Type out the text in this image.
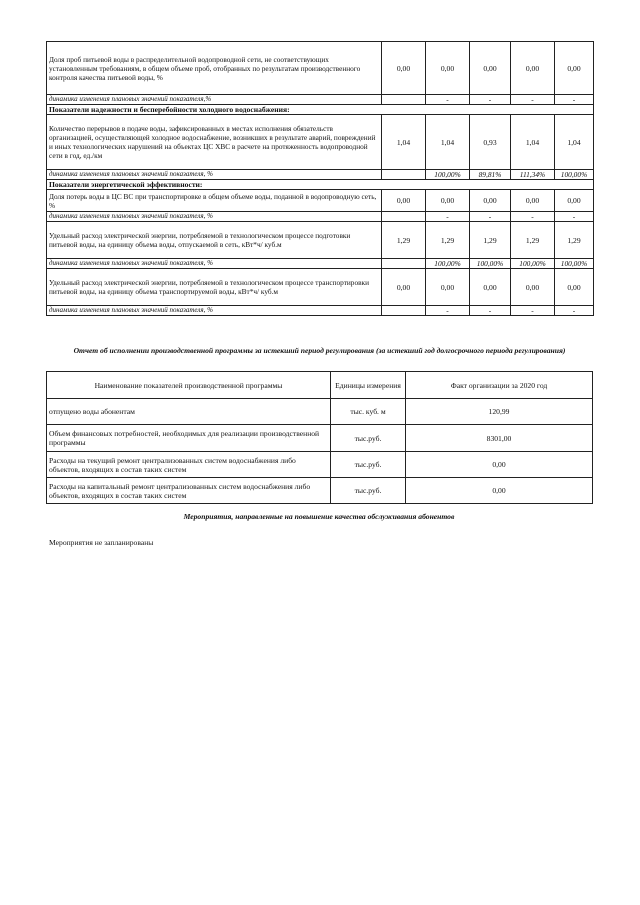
Доля проб питьевой воды в распределительной водопроводной сети, не соответствующих установленным требованиям, в общем объеме проб, отобранных по результатам производственного контроля качества питьевой воды, %	0,00	0,00	0,00	0,00	0,00
динамика изменения плановых значений показателя,%		-	-	-	-
Показатели надежности и бесперебойности холодного водоснабжения:					
Количество перерывов в подаче воды, зафиксированных в местах исполнения обязательств организацией, осуществляющей холодное водоснабжение, возникших в результате аварий, повреждений и иных технологических нарушений на объектах ЦС ХВС в расчете на протяженность водопроводной сети в год, ед./км	1,04	1,04	0,93	1,04	1,04
динамика изменения плановых значений показателя, %		100,00%	89,81%	111,34%	100,00%
Показатели энергетической эффективности:					
Доля потерь воды в ЦС ВС при транспортировке в общем объеме воды, поданной в водопроводную сеть, %	0,00	0,00	0,00	0,00	0,00
динамика изменения плановых значений показателя, %		-	-	-	-
Удельный расход электрической энергии, потребляемой в технологическом процессе подготовки питьевой воды, на единицу объема воды, отпускаемой в сеть, кВт*ч/ куб.м	1,29	1,29	1,29	1,29	1,29
динамика изменения плановых значений показателя, %		100,00%	100,00%	100,00%	100,00%
Удельный расход электрической энергии, потребляемой в технологическом процессе транспортировки питьевой воды, на единицу объема транспортируемой воды, кВт*ч/ куб.м	0,00	0,00	0,00	0,00	0,00
динамика изменения плановых значений показателя, %		-	-	-	-
Отчет об исполнении производственной программы за истекший период регулирования (за истекший год долгосрочного периода регулирования)
Наименование показателей производственной программы	Единицы измерения	Факт организации за 2020 год
отпущено воды абонентам	тыс. куб. м	120,99
Объем финансовых потребностей, необходимых для реализации производственной программы	тыс.руб.	8301,00
Расходы на текущий ремонт централизованных систем водоснабжения либо объектов, входящих в состав таких систем	тыс.руб.	0,00
Расходы на капитальный ремонт централизованных систем водоснабжения либо объектов, входящих в состав таких систем	тыс.руб.	0,00
Мероприятия, направленные на повышение качества обслуживания абонентов
Мероприятия не запланированы
